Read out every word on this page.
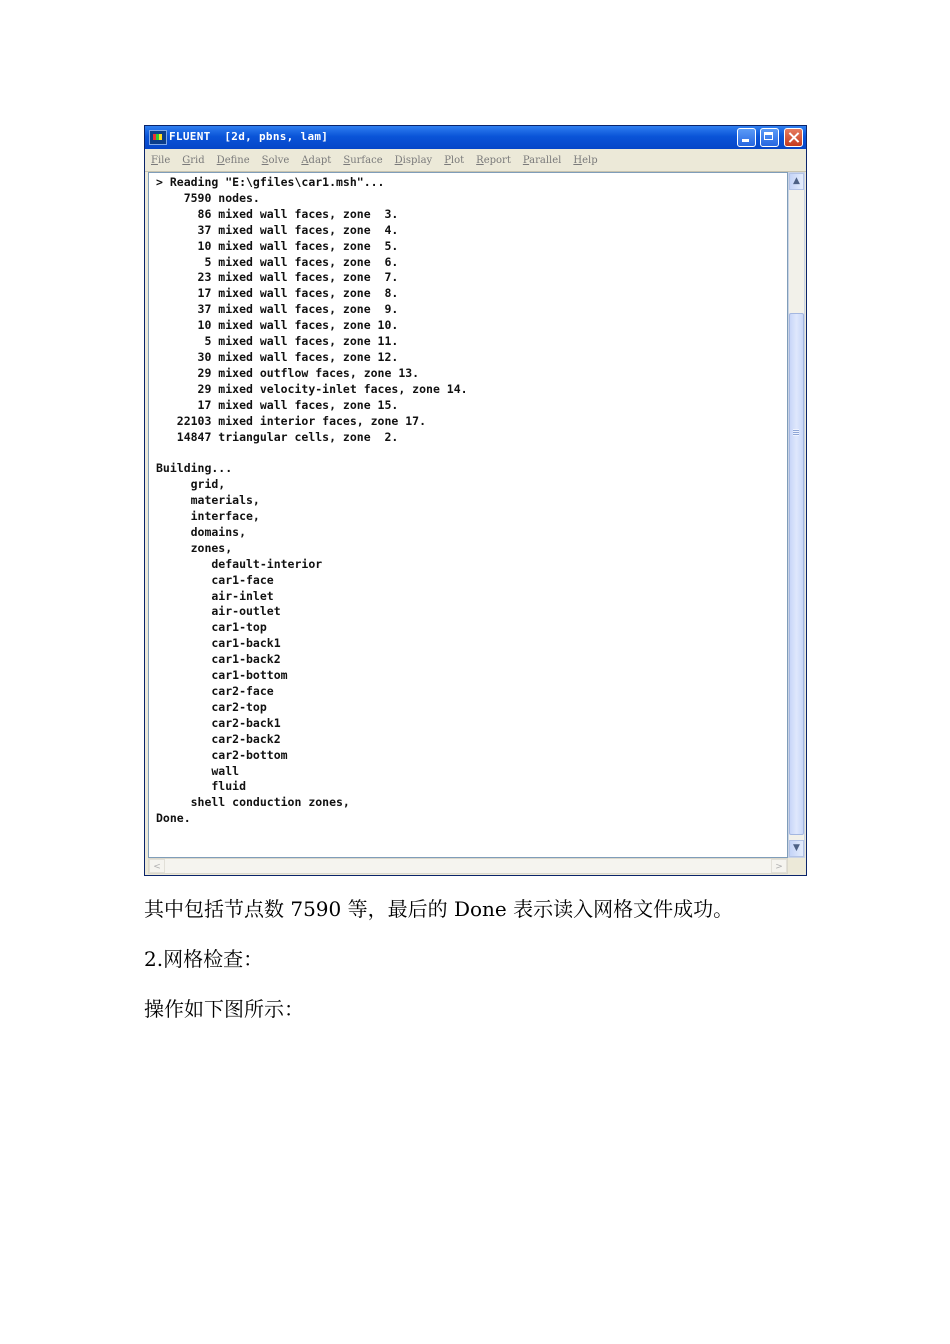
FLUENT  [2d, pbns, lam]
File Grid Define Solve Adapt Surface Display Plot Report Parallel Help
> Reading "E:\gfiles\car1.msh"...
7590 nodes.
86 mixed wall faces, zone  3.
37 mixed wall faces, zone  4.
10 mixed wall faces, zone  5.
5 mixed wall faces, zone  6.
23 mixed wall faces, zone  7.
17 mixed wall faces, zone  8.
37 mixed wall faces, zone  9.
10 mixed wall faces, zone 10.
5 mixed wall faces, zone 11.
30 mixed wall faces, zone 12.
29 mixed outflow faces, zone 13.
29 mixed velocity-inlet faces, zone 14.
17 mixed wall faces, zone 15.
22103 mixed interior faces, zone 17.
14847 triangular cells, zone  2.

Building...
grid,
materials,
interface,
domains,
zones,
default-interior
car1-face
air-inlet
air-outlet
car1-top
car1-back1
car1-back2
car1-bottom
car2-face
car2-top
car2-back1
car2-back2
car2-bottom
wall
fluid
shell conduction zones,
Done.

▲
▼
<	>

其中包括节点数 7590 等，最后的 Done 表示读入网格文件成功。

2.网格检查：

操作如下图所示：
